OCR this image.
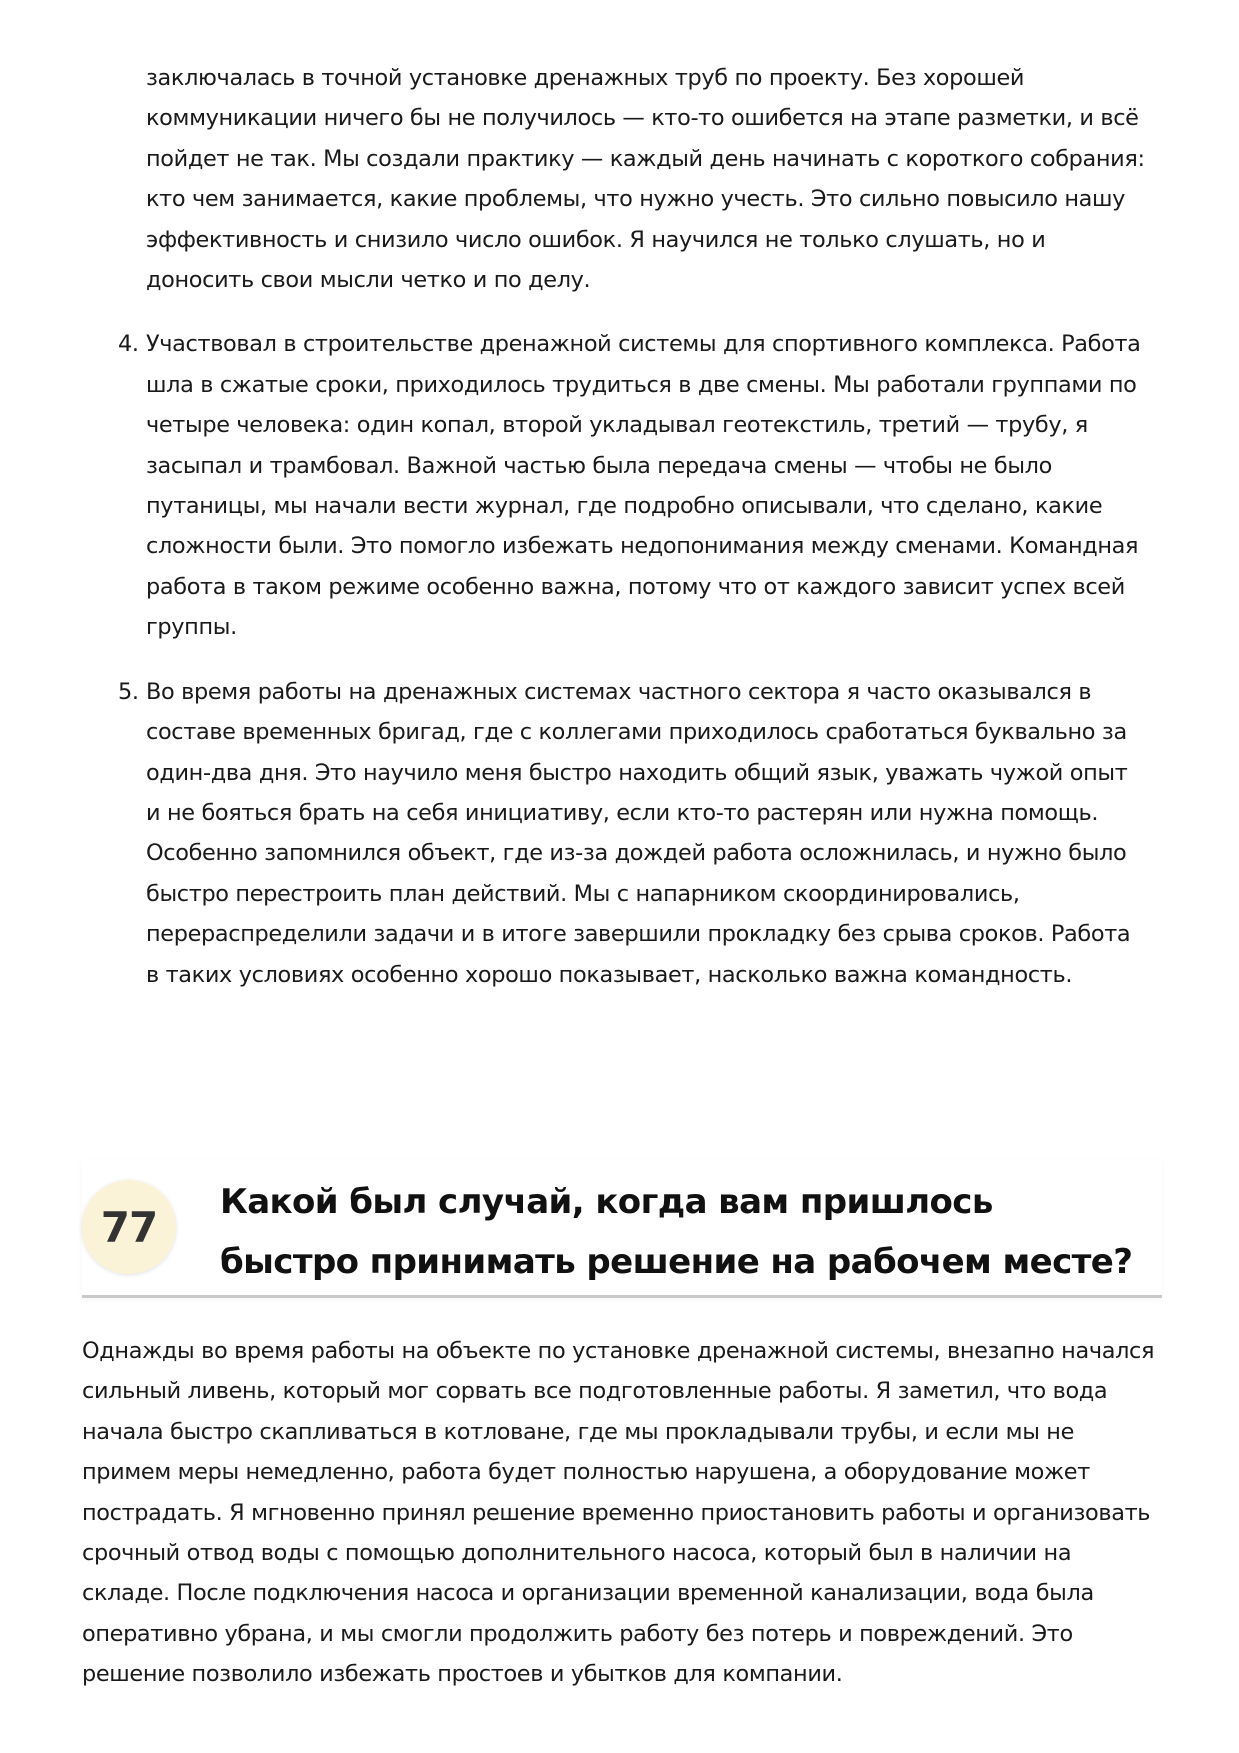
заключалась в точной установке дренажных труб по проекту. Без хорошей коммуникации ничего бы не получилось — кто-то ошибется на этапе разметки, и всё пойдет не так. Мы создали практику — каждый день начинать с короткого собрания: кто чем занимается, какие проблемы, что нужно учесть. Это сильно повысило нашу эффективность и снизило число ошибок. Я научился не только слушать, но и доносить свои мысли четко и по делу.
4. Участвовал в строительстве дренажной системы для спортивного комплекса. Работа шла в сжатые сроки, приходилось трудиться в две смены. Мы работали группами по четыре человека: один копал, второй укладывал геотекстиль, третий — трубу, я засыпал и трамбовал. Важной частью была передача смены — чтобы не было путаницы, мы начали вести журнал, где подробно описывали, что сделано, какие сложности были. Это помогло избежать недопонимания между сменами. Командная работа в таком режиме особенно важна, потому что от каждого зависит успех всей группы.
5. Во время работы на дренажных системах частного сектора я часто оказывался в составе временных бригад, где с коллегами приходилось сработаться буквально за один-два дня. Это научило меня быстро находить общий язык, уважать чужой опыт и не бояться брать на себя инициативу, если кто-то растерян или нужна помощь. Особенно запомнился объект, где из-за дождей работа осложнилась, и нужно было быстро перестроить план действий. Мы с напарником скоординировались, перераспределили задачи и в итоге завершили прокладку без срыва сроков. Работа в таких условиях особенно хорошо показывает, насколько важна командность.
77
Какой был случай, когда вам пришлось быстро принимать решение на рабочем месте?
Однажды во время работы на объекте по установке дренажной системы, внезапно начался сильный ливень, который мог сорвать все подготовленные работы. Я заметил, что вода начала быстро скапливаться в котловане, где мы прокладывали трубы, и если мы не примем меры немедленно, работа будет полностью нарушена, а оборудование может пострадать. Я мгновенно принял решение временно приостановить работы и организовать срочный отвод воды с помощью дополнительного насоса, который был в наличии на складе. После подключения насоса и организации временной канализации, вода была оперативно убрана, и мы смогли продолжить работу без потерь и повреждений. Это решение позволило избежать простоев и убытков для компании.
